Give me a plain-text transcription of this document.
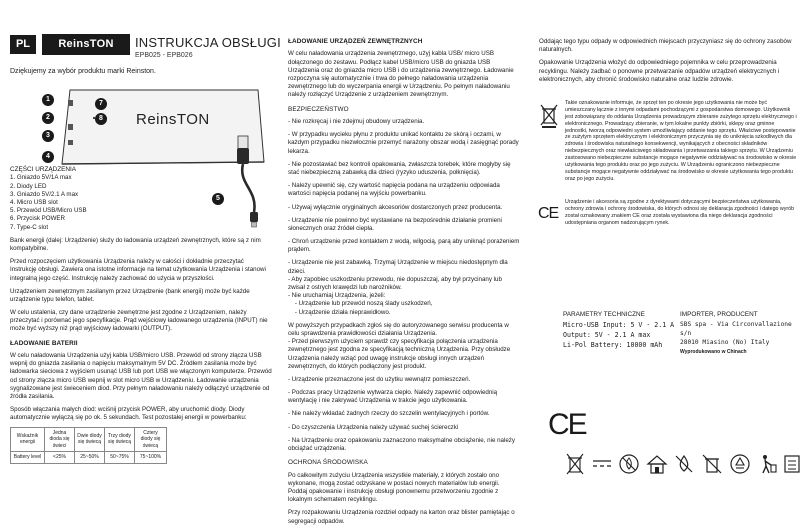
PL	ReinsTON	INSTRUKCJA OBSŁUGI
EPB025 - EPB026
Dziękujemy za wybór produktu marki Reinston.
ReinsTON
1
2
3
4
5
7
8
CZĘŚCI URZĄDZENIA
1. Gniazdo 5V/1A max
2. Diody LED
3. Gniazdo 5V/2.1 A max
4. Micro USB slot
5. Przewód USB/Micro USB
6. Przycisk POWER
7. Type-C slot

Bank energii (dalej: Urządzenie) służy do ładowania urządzeń zewnętrznych, które są z nim kompatybilne.

Przed rozpoczęciem użytkowania Urządzenia należy w całości i dokładnie przeczytać Instrukcję obsługi. Zawiera ona istotne informacje na temat użytkowania Urządzenia i stanowi integralną jego część. Instrukcję należy zachować do użycia w przyszłości.

Urządzeniem zewnętrznym zasilanym przez Urządzenie (bank energii) może być każde urządzenie typu telefon, tablet.

W celu ustalenia, czy dane urządzenie zewnętrzne jest zgodne z Urządzeniem, należy przeczytać i porównać jego specyfikacje. Prąd wejściowy ładowanego urządzenia (INPUT) nie może być wyższy niż prąd wyjściowy ładowarki (OUTPUT).

ŁADOWANIE BATERII

W celu naładowania Urządzenia użyj kabla USB/micro USB. Przewód od strony złącza USB wepnij do gniazda zasilania o napięciu maksymalnym 5V DC. Źródłem zasilania może być ładowarka sieciowa z wyjściem usunąć USB lub port USB we włączonym komputerze. Przewód od strony złącza micro USB wepnij w slot micro USB w Urządzeniu. Ładowanie urządzenia sygnalizowane jest świeceniem diod. Przy pełnym naładowaniu należy odłączyć urządzenie od źródła zasilania.

Sposób włączania małych diod: wciśnij przycisk POWER, aby uruchomić diody. Diody automatycznie wyłączą się po ok. 5 sekundach. Test pozostałej energii w powerbanku:

Wskaźnik energii	Jedna dioda się świeci	Dwie diody się świecą	Trzy diody się świecą	Cztery diody się świecą
Battery level	<25%	25~50%	50~75%	75~100%
ŁADOWANIE URZĄDZEŃ ZEWNĘTRZNYCH

W celu naładowania urządzenia zewnętrznego, użyj kabla USB/ micro USB dołączonego do zestawu. Podłącz kabel USB/micro USB do gniazda USB Urządzenia oraz do gniazda micro USB i do urządzenia zewnętrznego. Ładowanie rozpoczyna się automatycznie i trwa do pełnego naładowania urządzenia zewnętrznego lub do wyczerpania energii w Urządzeniu. Po pełnym naładowaniu należy rozłączyć Urządzenie z urządzeniem zewnętrznym.

BEZPIECZEŃSTWO

- Nie rozkręcaj i nie zdejmuj obudowy urządzenia.

- W przypadku wycieku płynu z produktu unikać kontaktu ze skórą i oczami, w każdym przypadku niezwłocznie przemyć narażony obszar wodą i zasięgnąć porady lekarza.

- Nie pozostawiać bez kontroli opakowania, zwłaszcza torebek, które mogłyby się stać niebezpieczną zabawką dla dzieci (ryzyko uduszenia, połknięcia).

- Należy upewnić się, czy wartość napięcia podana na urządzeniu odpowiada wartości napięcia podanej na wyjściu powerbanku.

- Używaj wyłącznie oryginalnych akcesoriów dostarczonych przez producenta.

- Urządzenie nie powinno być wystawiane na bezpośrednie działanie promieni słonecznych oraz źródeł ciepła.

- Chroń urządzenie przed kontaktem z wodą, wilgocią, parą aby uniknąć porażeniem prądem.

- Urządzenie nie jest zabawką. Trzymaj Urządzenie w miejscu niedostępnym dla dzieci.

- Aby zapobiec uszkodzeniu przewodu, nie dopuszczaj, aby był przycinany lub zwisał z ostrych krawędzi lub narożników.

- Nie uruchamiaj Urządzenia, jeżeli:

- Urządzenie lub przewód noszą ślady uszkodzeń,

- Urządzenie działa nieprawidłowo.

W powyższych przypadkach zgłoś się do autoryzowanego serwisu producenta w celu sprawdzenia prawidłowości działania Urządzenia.

- Przed pierwszym użyciem sprawdź czy specyfikacja połączenia urządzenia zewnętrznego jest zgodna ze specyfikacją techniczną Urządzenia. Przy obsłudze Urządzenia należy wziąć pod uwagę instrukcje obsługi innych urządzeń zewnętrznych, do których podłączony jest produkt.

- Urządzenie przeznaczone jest do użytku wewnątrz pomieszczeń.

- Podczas pracy Urządzenie wytwarza ciepło. Należy zapewnić odpowiednią wentylację i nie zakrywać Urządzenia w trakcie jego użytkowania.

- Nie należy wkładać żadnych rzeczy do szczelin wentylacyjnych i portów.

- Do czyszczenia Urządzenia należy używać suchej ściereczki

- Na Urządzeniu oraz opakowaniu zaznaczono maksymalne obciążenie, nie należy obciążać urządzenia.

OCHRONA ŚRODOWISKA

Po całkowitym zużyciu Urządzenia wszystkie materiały, z których zostało ono wykonane, mogą zostać odzyskane w postaci nowych materiałów lub energii. Poddaj opakowanie i instrukcję obsługi ponownemu przetworzeniu zgodnie z lokalnym schematem recyklingu.

Przy rozpakowaniu Urządzenia rozdziel odpady na karton oraz blister pamiętając o segregacji odpadów.

Oddając tego typu odpady w odpowiednich miejscach przyczyniasz się do ochrony zasobów naturalnych.

Opakowanie Urządzenia włożyć do odpowiedniego pojemnika w celu przeprowadzenia recyklingu. Należy zadbać o ponowne przetwarzanie odpadów urządzeń elektrycznych i elektronicznych, aby chronić środowisko naturalne oraz ludzie zdrowie.

Takie oznakowanie informuje, że sprzęt ten po okresie jego użytkowania nie może być umieszczany łącznie z innymi odpadami pochodzącymi z gospodarstwa domowego. Użytkownik jest zobowiązany do oddania Urządzenia prowadzącym zbieranie zużytego sprzętu elektrycznego i elektronicznego. Prowadzący zbieranie, w tym lokalne punkty zbiórki, sklepy oraz gminne jednostki, tworzą odpowiedni system umożliwiający oddanie tego sprzętu. Właściwe postępowanie ze zużytym sprzętem elektrycznym i elektronicznym przyczynia się do uniknięcia szkodliwych dla zdrowia i środowiska naturalnego konsekwencji, wynikających z obecności składników niebezpiecznych oraz niewłaściwego składowania i przetwarzania takiego sprzętu. W Urządzeniu zastosowano niebezpieczne substancje mogące negatywnie oddziaływać na środowisko w okresie użytkowania tego produktu oraz po jego zużyciu. W Urządzeniu ograniczono niebezpieczne substancje mogące negatywnie oddziaływać na środowisko w okresie użytkowania tego produktu oraz po jego zużyciu.
CE
Urządzenie i akcesoria są zgodne z dyrektywami dotyczącymi bezpieczeństwa użytkowania, ochrony zdrowia i ochrony środowiska, do których odnosi się deklaracja zgodności i datego wyrób został oznakowany znakiem CE oraz została wystawiona dla niego deklaracja zgodności udostępniana organom nadzorującym rynek.
PARAMETRY TECHNICZNE
Micro-USB Input: 5 V - 2.1 A
Output: 5V - 2.1 A max
Li-Pol Battery: 10000 mAh
IMPORTER, PRODUCENT
SBS spa - Via Circonvallazione s/n
28010 Miasino (No) Italy
Wyprodukowano w Chinach
CE
